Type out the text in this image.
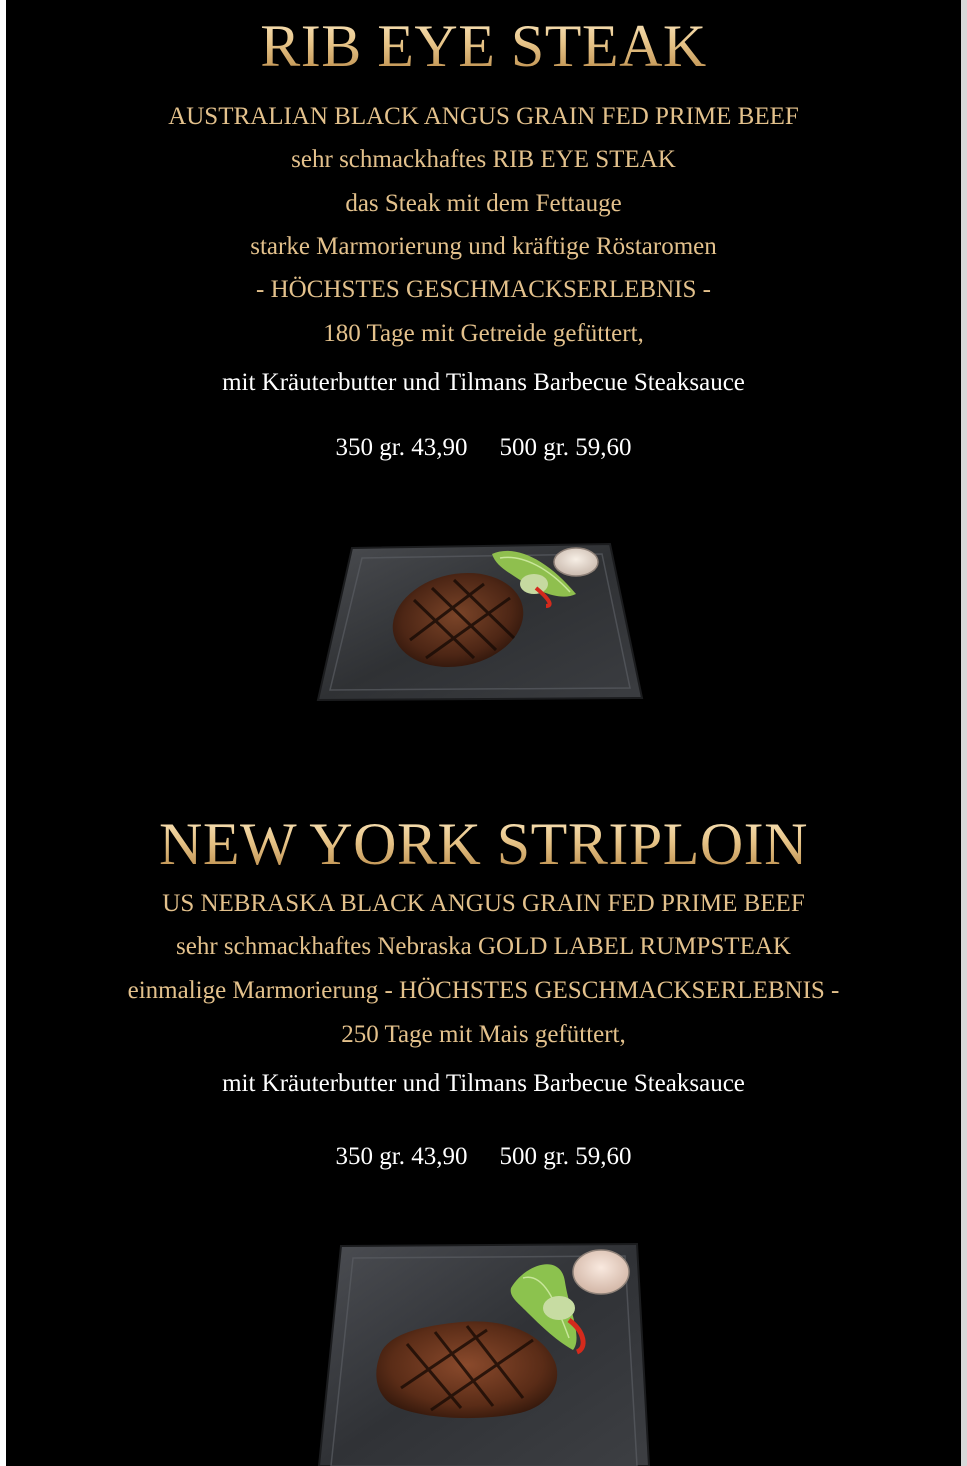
RIB EYE STEAK
AUSTRALIAN BLACK ANGUS GRAIN FED PRIME BEEF
sehr schmackhaftes RIB EYE STEAK
das Steak mit dem Fettauge
starke Marmorierung und kräftige Röstaromen
- HÖCHSTES GESCHMACKSERLEBNIS -
180 Tage mit Getreide gefüttert,
mit Kräuterbutter und Tilmans Barbecue Steaksauce
350 gr. 43,90 500 gr. 59,60
NEW YORK STRIPLOIN
US NEBRASKA BLACK ANGUS GRAIN FED PRIME BEEF
sehr schmackhaftes Nebraska GOLD LABEL RUMPSTEAK
einmalige Marmorierung - HÖCHSTES GESCHMACKSERLEBNIS -
250 Tage mit Mais gefüttert,
mit Kräuterbutter und Tilmans Barbecue Steaksauce
350 gr. 43,90 500 gr. 59,60
